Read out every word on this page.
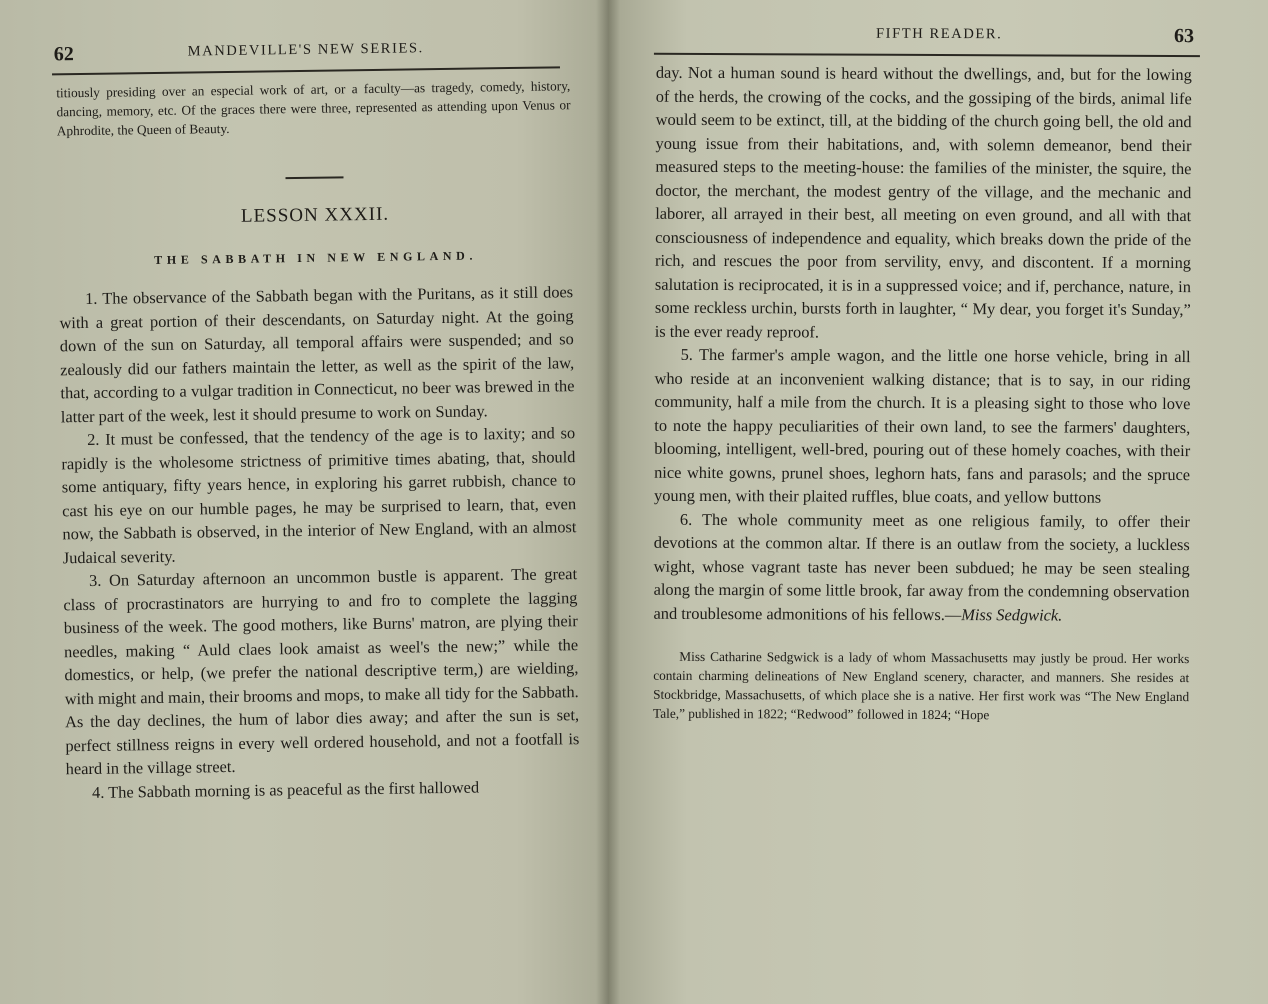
62	MANDEVILLE'S NEW SERIES.

titiously presiding over an especial work of art, or a faculty—as tragedy, comedy, history, dancing, memory, etc. Of the graces there were three, represented as attending upon Venus or Aphrodite, the Queen of Beauty.

LESSON XXXII.
THE SABBATH IN NEW ENGLAND.

1. The observance of the Sabbath began with the Puritans, as it still does with a great portion of their descendants, on Saturday night. At the going down of the sun on Saturday, all temporal affairs were suspended; and so zealously did our fathers maintain the letter, as well as the spirit of the law, that, according to a vulgar tradition in Connecticut, no beer was brewed in the latter part of the week, lest it should presume to work on Sunday.

2. It must be confessed, that the tendency of the age is to laxity; and so rapidly is the wholesome strictness of primitive times abating, that, should some antiquary, fifty years hence, in exploring his garret rubbish, chance to cast his eye on our humble pages, he may be surprised to learn, that, even now, the Sabbath is observed, in the interior of New England, with an almost Judaical severity.

3. On Saturday afternoon an uncommon bustle is apparent. The great class of procrastinators are hurrying to and fro to complete the lagging business of the week. The good mothers, like Burns' matron, are plying their needles, making “ Auld claes look amaist as weel's the new;” while the domestics, or help, (we prefer the national descriptive term,) are wielding, with might and main, their brooms and mops, to make all tidy for the Sabbath. As the day declines, the hum of labor dies away; and after the sun is set, perfect stillness reigns in every well ordered household, and not a footfall is heard in the village street.

4. The Sabbath morning is as peaceful as the first hallowed

FIFTH READER.	63

day. Not a human sound is heard without the dwellings, and, but for the lowing of the herds, the crowing of the cocks, and the gossiping of the birds, animal life would seem to be extinct, till, at the bidding of the church going bell, the old and young issue from their habitations, and, with solemn demeanor, bend their measured steps to the meeting-house: the families of the minister, the squire, the doctor, the merchant, the modest gentry of the village, and the mechanic and laborer, all arrayed in their best, all meeting on even ground, and all with that consciousness of independence and equality, which breaks down the pride of the rich, and rescues the poor from servility, envy, and discontent. If a morning salutation is reciprocated, it is in a suppressed voice; and if, perchance, nature, in some reckless urchin, bursts forth in laughter, “ My dear, you forget it's Sunday,” is the ever ready reproof.

5. The farmer's ample wagon, and the little one horse vehicle, bring in all who reside at an inconvenient walking distance; that is to say, in our riding community, half a mile from the church. It is a pleasing sight to those who love to note the happy peculiarities of their own land, to see the farmers' daughters, blooming, intelligent, well-bred, pouring out of these homely coaches, with their nice white gowns, prunel shoes, leghorn hats, fans and parasols; and the spruce young men, with their plaited ruffles, blue coats, and yellow buttons

6. The whole community meet as one religious family, to offer their devotions at the common altar. If there is an outlaw from the society, a luckless wight, whose vagrant taste has never been subdued; he may be seen stealing along the margin of some little brook, far away from the condemning observation and troublesome admonitions of his fellows.—Miss Sedgwick.

Miss Catharine Sedgwick is a lady of whom Massachusetts may justly be proud. Her works contain charming delineations of New England scenery, character, and manners. She resides at Stockbridge, Massachusetts, of which place she is a native. Her first work was “The New England Tale,” published in 1822; “Redwood” followed in 1824; “Hope
